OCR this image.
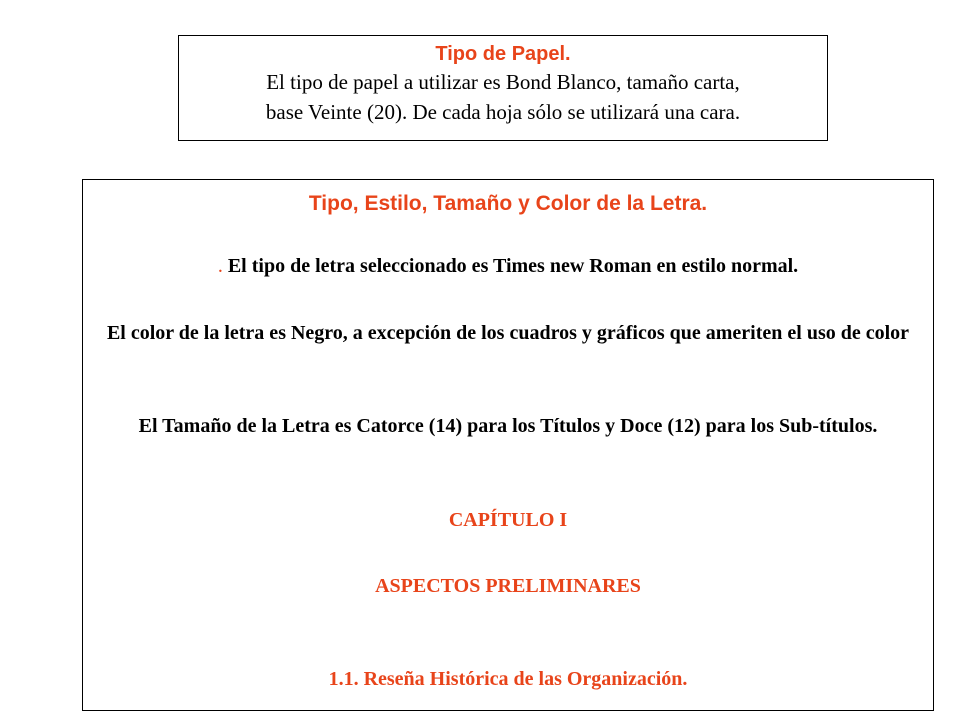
Tipo de Papel.
El tipo de papel a utilizar es Bond Blanco, tamaño carta,
base Veinte (20). De cada hoja sólo se utilizará una cara.
Tipo, Estilo, Tamaño y Color de la Letra.
. El tipo de letra seleccionado es Times new Roman en estilo normal.
El color de la letra es Negro, a excepción de los cuadros y gráficos que ameriten el uso de color
El Tamaño de la Letra es Catorce (14) para los Títulos y Doce (12) para los Sub-títulos.
CAPÍTULO I
ASPECTOS PRELIMINARES
1.1. Reseña Histórica de las Organización.
